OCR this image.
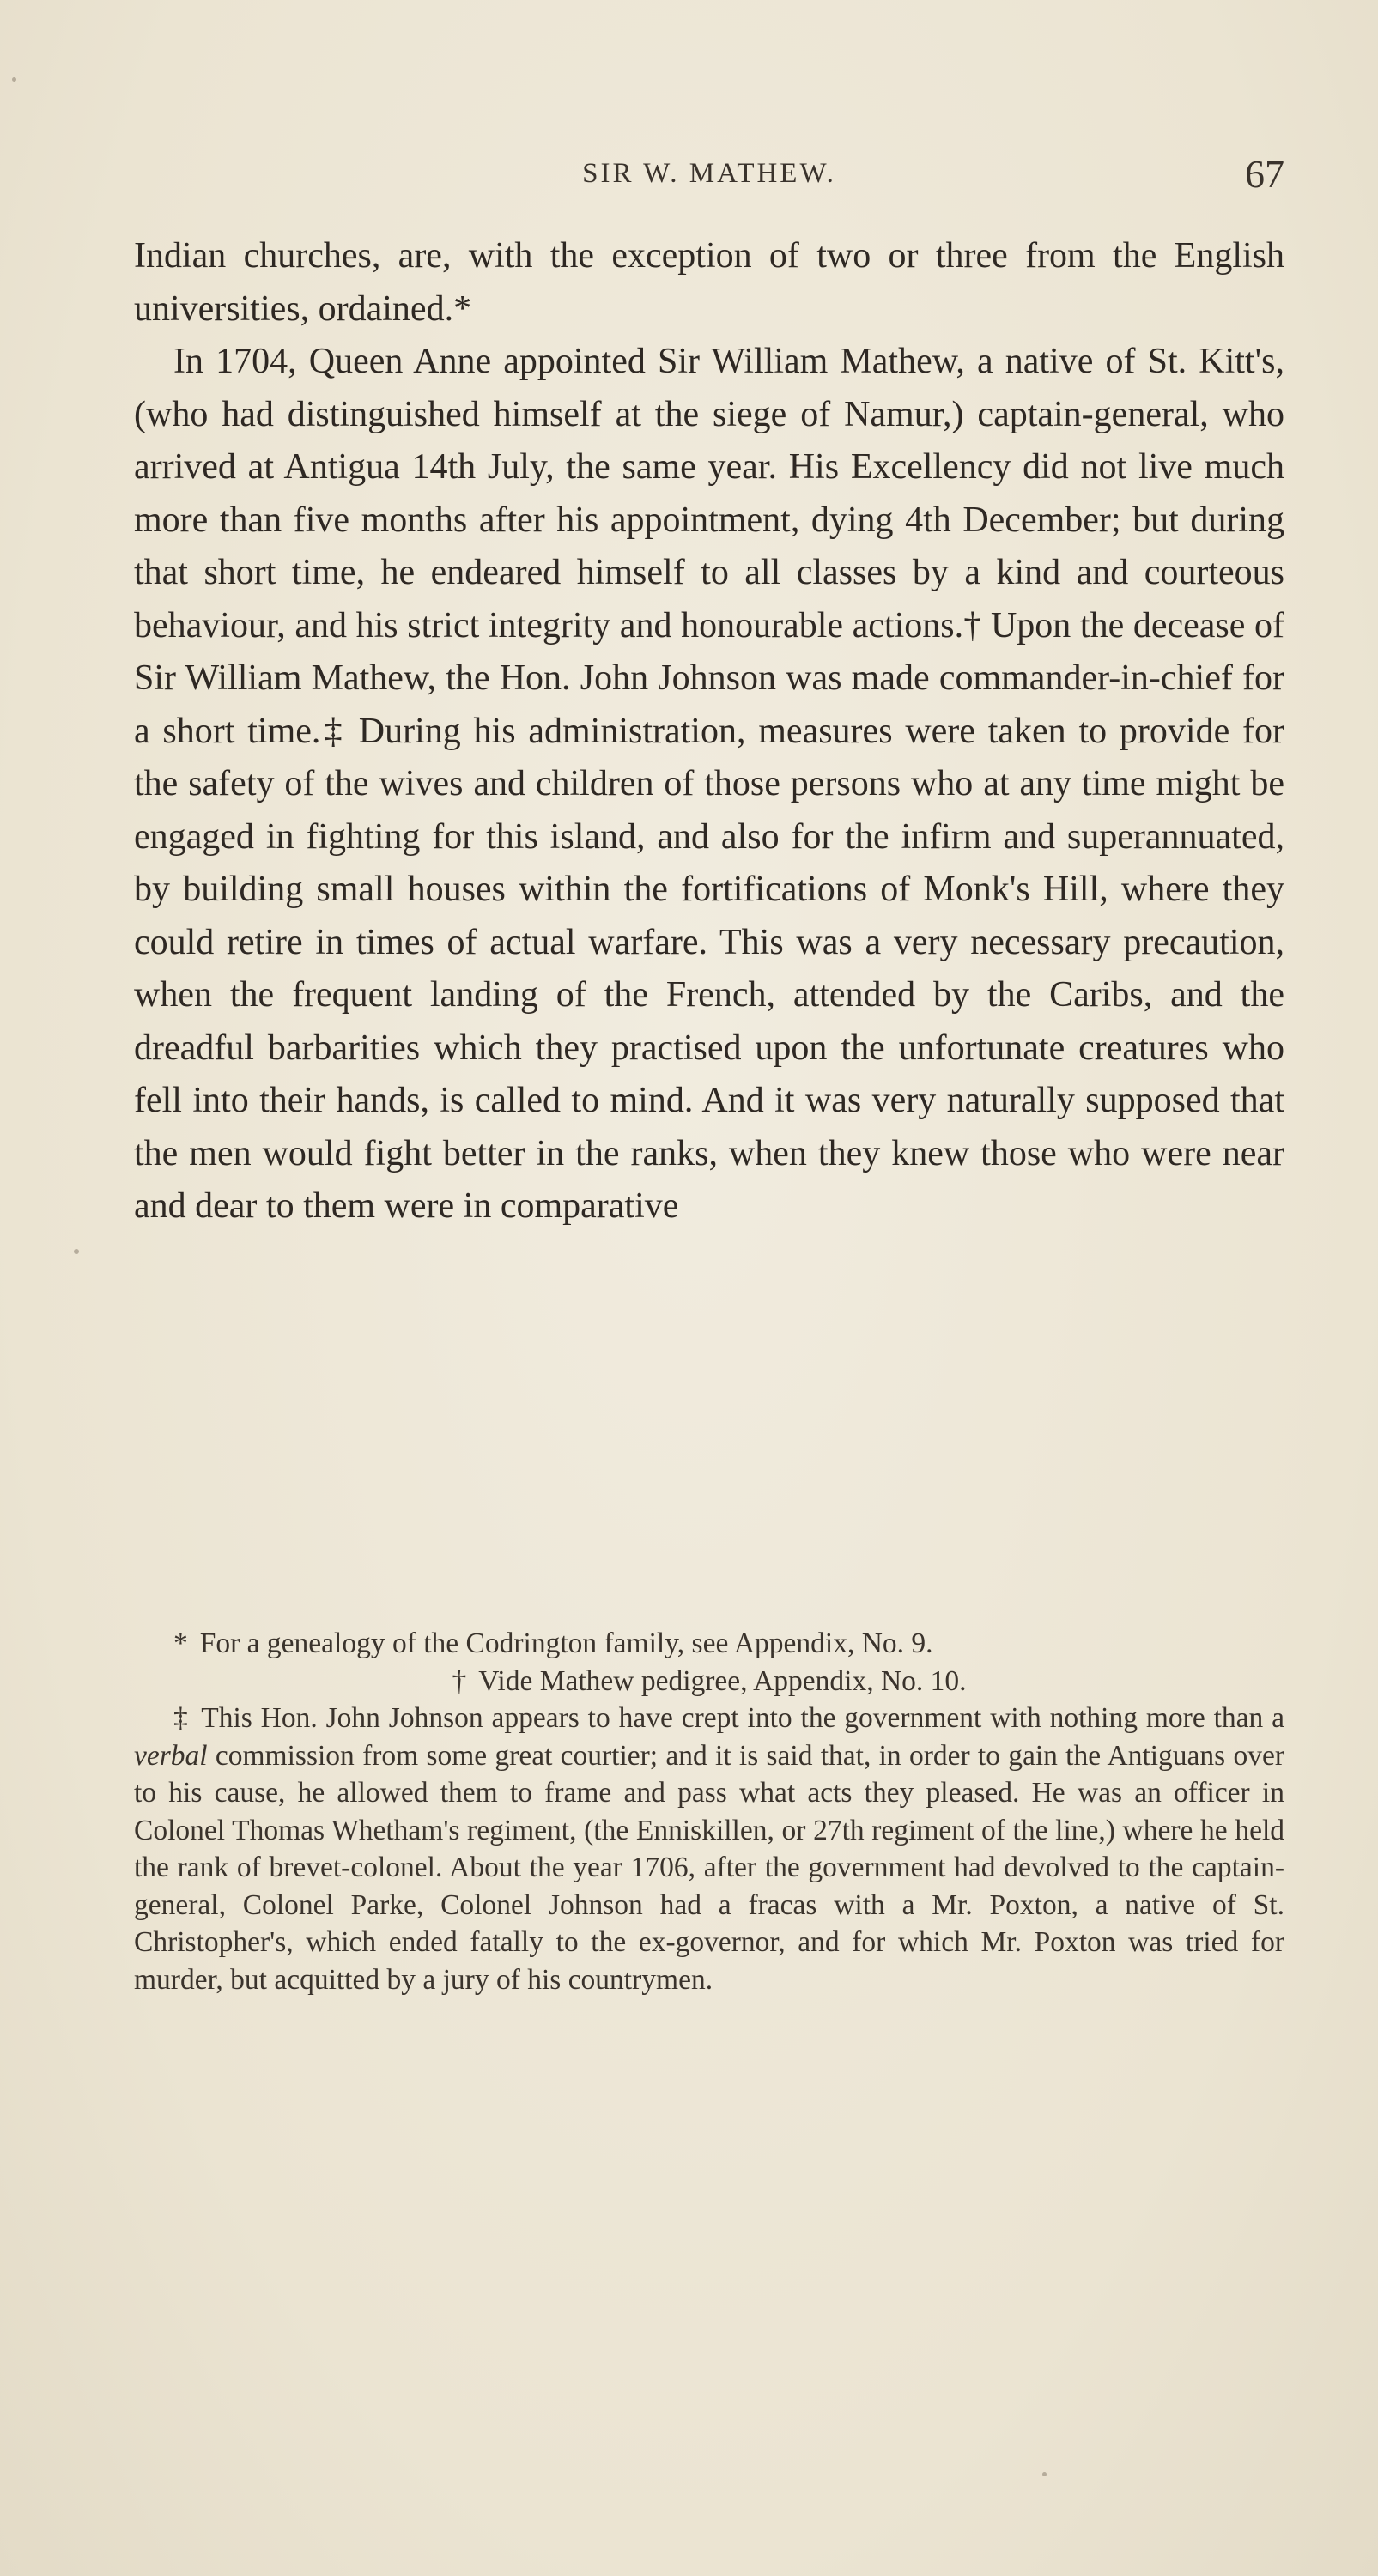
SIR W. MATHEW.	67

Indian churches, are, with the exception of two or three from the English universities, ordained.*

In 1704, Queen Anne appointed Sir William Mathew, a native of St. Kitt's, (who had distinguished himself at the siege of Namur,) captain-general, who arrived at Antigua 14th July, the same year. His Excellency did not live much more than five months after his appointment, dying 4th December; but during that short time, he endeared himself to all classes by a kind and courteous behaviour, and his strict integrity and honourable actions.† Upon the decease of Sir William Mathew, the Hon. John Johnson was made commander-in-chief for a short time.‡ During his administration, measures were taken to provide for the safety of the wives and children of those persons who at any time might be engaged in fighting for this island, and also for the infirm and superannuated, by building small houses within the fortifications of Monk's Hill, where they could retire in times of actual warfare. This was a very necessary precaution, when the frequent landing of the French, attended by the Caribs, and the dreadful barbarities which they practised upon the unfortunate creatures who fell into their hands, is called to mind. And it was very naturally supposed that the men would fight better in the ranks, when they knew those who were near and dear to them were in comparative

* For a genealogy of the Codrington family, see Appendix, No. 9.

† Vide Mathew pedigree, Appendix, No. 10.

‡ This Hon. John Johnson appears to have crept into the government with nothing more than a verbal commission from some great courtier; and it is said that, in order to gain the Antiguans over to his cause, he allowed them to frame and pass what acts they pleased. He was an officer in Colonel Thomas Whetham's regiment, (the Enniskillen, or 27th regiment of the line,) where he held the rank of brevet-colonel. About the year 1706, after the government had devolved to the captain-general, Colonel Parke, Colonel Johnson had a fracas with a Mr. Poxton, a native of St. Christopher's, which ended fatally to the ex-governor, and for which Mr. Poxton was tried for murder, but acquitted by a jury of his countrymen.
